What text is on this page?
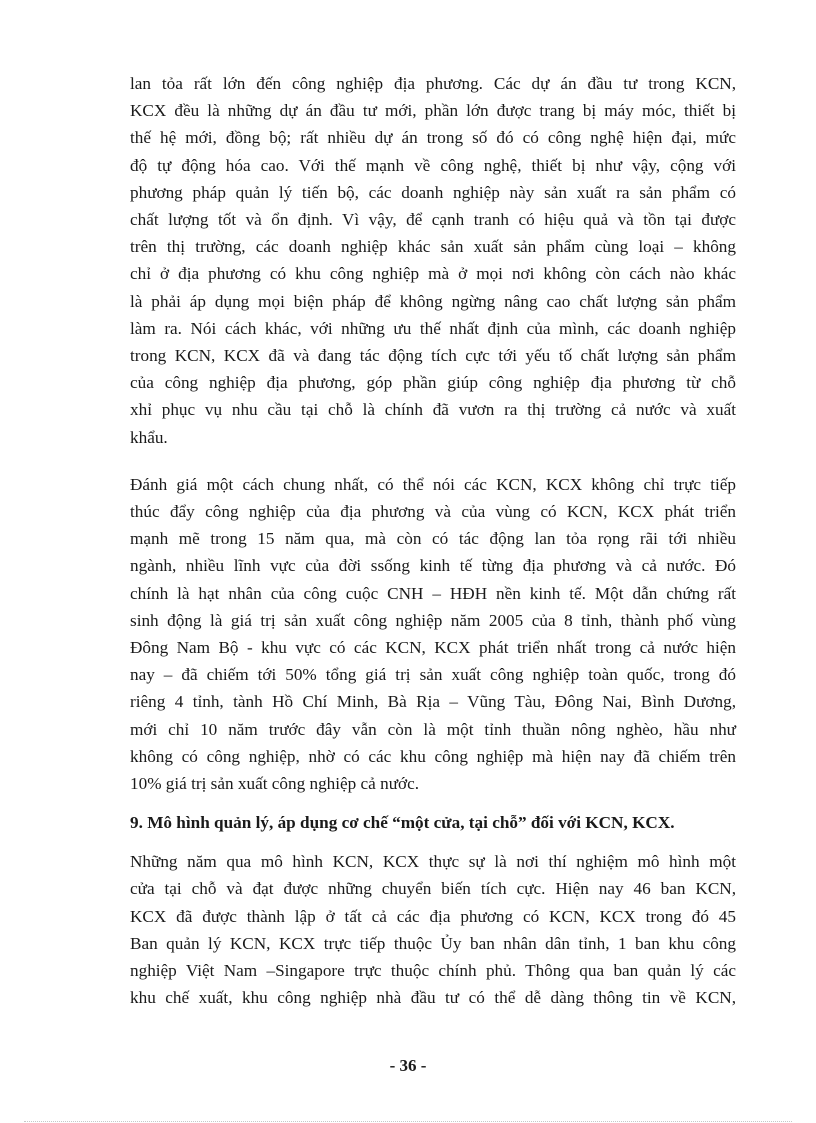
lan tỏa rất lớn đến công nghiệp địa phương. Các dự án đầu tư trong KCN,
KCX đều là những dự án đầu tư mới, phần lớn được trang bị máy móc, thiết bị
thế hệ mới, đồng bộ; rất nhiều dự án trong số đó có công nghệ hiện đại, mức
độ tự động hóa cao. Với thế mạnh về công nghệ, thiết bị như vậy, cộng với
phương pháp quản lý tiến bộ, các doanh nghiệp này sản xuất ra sản phẩm có
chất lượng tốt và ổn định. Vì vậy, để cạnh tranh có hiệu quả và tồn tại được
trên thị trường, các doanh nghiệp khác sản xuất sản phẩm cùng loại – không
chỉ ở địa phương có khu công nghiệp mà ở mọi nơi không còn cách nào khác
là phải áp dụng mọi biện pháp để không ngừng nâng cao chất lượng sản phẩm
làm ra. Nói cách khác, với những ưu thế nhất định của mình, các doanh nghiệp
trong KCN, KCX đã và đang tác động tích cực tới yếu tố chất lượng sản phẩm
của công nghiệp địa phương, góp phần giúp công nghiệp địa phương từ chỗ
xhỉ phục vụ nhu cầu tại chỗ là chính đã vươn ra thị trường cả nước và xuất
khẩu.

Đánh giá một cách chung nhất, có thể nói các KCN, KCX không chỉ trực tiếp
thúc đẩy công nghiệp của địa phương và của vùng có KCN, KCX phát triển
mạnh mẽ trong 15 năm qua, mà còn có tác động lan tỏa rọng rãi tới nhiều
ngành, nhiều lĩnh vực của đời ssống kinh tế từng địa phương và cả nước. Đó
chính là hạt nhân của công cuộc CNH – HĐH nền kinh tế. Một dẫn chứng rất
sinh động là giá trị sản xuất công nghiệp năm 2005 của 8 tỉnh, thành phố vùng
Đông Nam Bộ - khu vực có các KCN, KCX phát triển nhất trong cả nước hiện
nay – đã chiếm tới 50% tổng giá trị sản xuất công nghiệp toàn quốc, trong đó
riêng 4 tỉnh, tành Hồ Chí Minh, Bà Rịa – Vũng Tàu, Đông Nai, Bình Dương,
mới chỉ 10 năm trước đây vẫn còn là một tỉnh thuần nông nghèo, hầu như
không có công nghiệp, nhờ có các khu công nghiệp mà hiện nay đã chiếm trên
10% giá trị sản xuất công nghiệp cả nước.

9. Mô hình quản lý, áp dụng cơ chế “một cửa, tại chỗ” đối với KCN, KCX.

Những năm qua mô hình KCN, KCX thực sự là nơi thí nghiệm mô hình một
cửa tại chỗ và đạt được những chuyển biến tích cực. Hiện nay 46 ban KCN,
KCX đã được thành lập ở tất cả các địa phương có KCN, KCX trong đó 45
Ban quản lý KCN, KCX trực tiếp thuộc Ủy ban nhân dân tỉnh, 1 ban khu công
nghiệp Việt Nam –Singapore trực thuộc chính phủ. Thông qua ban quản lý các
khu chế xuất, khu công nghiệp nhà đầu tư có thể dễ dàng thông tin về KCN,

- 36 -
